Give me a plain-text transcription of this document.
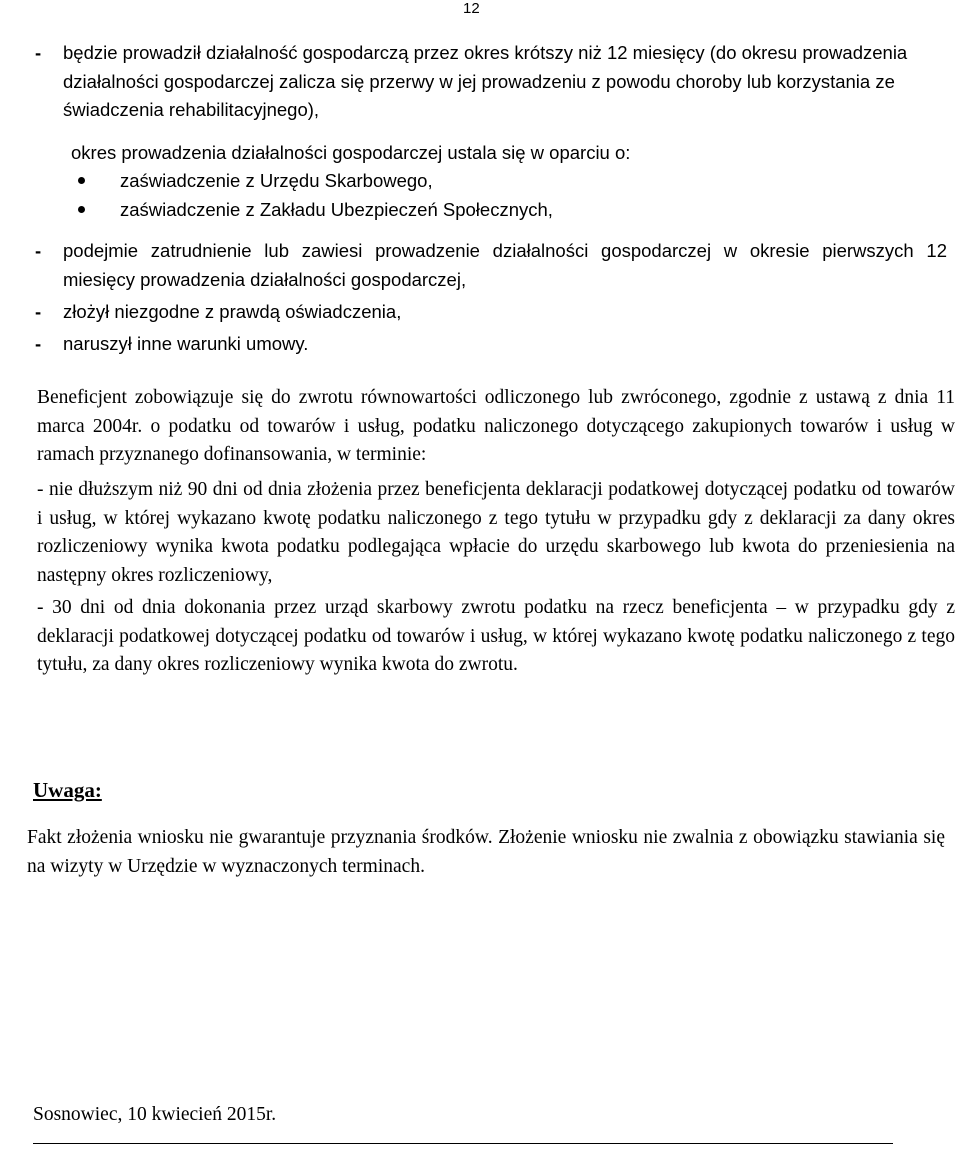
12
- będzie prowadził działalność gospodarczą przez okres krótszy niż 12 miesięcy (do okresu prowadzenia działalności gospodarczej zalicza się przerwy w jej prowadzeniu z powodu choroby lub korzystania ze świadczenia rehabilitacyjnego),

okres prowadzenia działalności gospodarczej ustala się w oparciu o:

zaświadczenie z Urzędu Skarbowego,
zaświadczenie z Zakładu Ubezpieczeń Społecznych,
- podejmie zatrudnienie lub zawiesi prowadzenie działalności gospodarczej w okresie pierwszych 12 miesięcy prowadzenia działalności gospodarczej,
- złożył niezgodne z prawdą oświadczenia,
- naruszył inne warunki umowy.

Beneficjent zobowiązuje się do zwrotu równowartości odliczonego lub zwróconego, zgodnie z ustawą z dnia 11 marca 2004r. o podatku od towarów i usług, podatku naliczonego dotyczącego zakupionych towarów i usług w ramach przyznanego dofinansowania, w terminie:

- nie dłuższym niż 90 dni od dnia złożenia przez beneficjenta deklaracji podatkowej dotyczącej podatku od towarów i usług, w której wykazano kwotę podatku naliczonego z tego tytułu w przypadku gdy z deklaracji za dany okres rozliczeniowy wynika kwota podatku podlegająca wpłacie do urzędu skarbowego lub kwota do przeniesienia na następny okres rozliczeniowy,

- 30 dni od dnia dokonania przez urząd skarbowy zwrotu podatku na rzecz beneficjenta – w przypadku gdy z deklaracji podatkowej dotyczącej podatku od towarów i usług, w której wykazano kwotę podatku naliczonego z tego tytułu, za dany okres rozliczeniowy wynika kwota do zwrotu.

Uwaga:

Fakt złożenia wniosku nie gwarantuje przyznania środków. Złożenie wniosku nie zwalnia z obowiązku stawiania się na wizyty w Urzędzie w wyznaczonych terminach.

Sosnowiec, 10 kwiecień 2015r.
